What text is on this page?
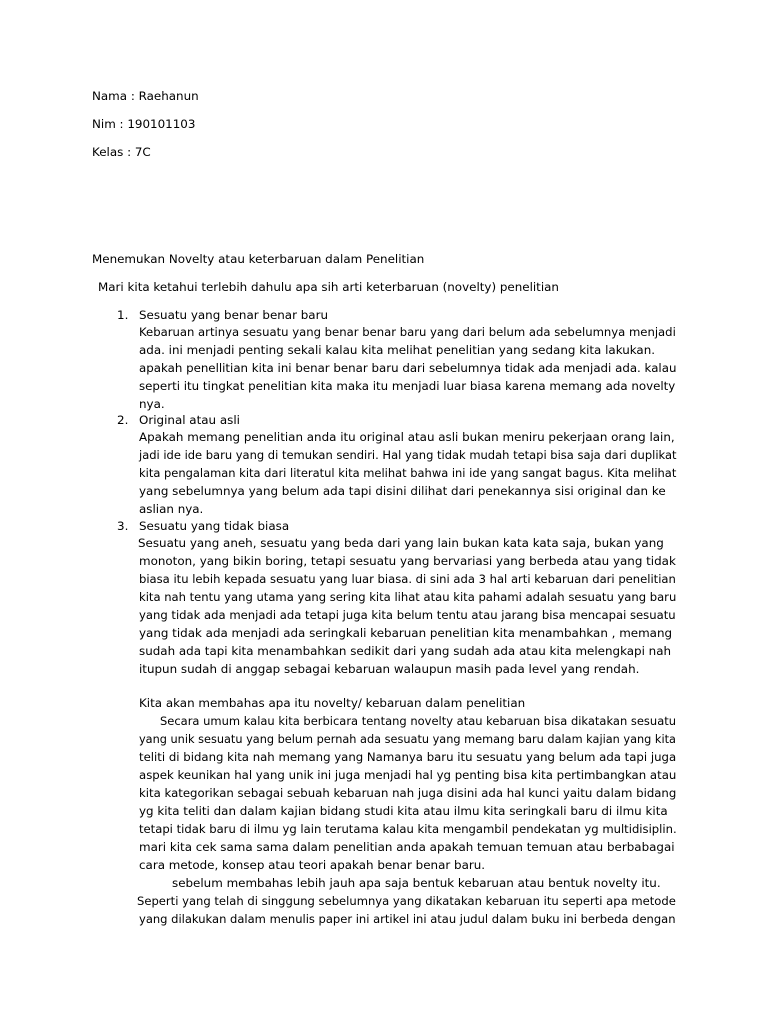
Nama : Raehanun
Nim : 190101103
Kelas : 7C
Menemukan Novelty atau keterbaruan dalam Penelitian
Mari kita ketahui terlebih dahulu apa sih arti keterbaruan (novelty) penelitian
1. Sesuatu yang benar benar baru
Kebaruan artinya sesuatu yang benar benar baru yang dari belum ada sebelumnya menjadi
ada. ini menjadi penting sekali kalau kita melihat penelitian yang sedang kita lakukan.
apakah penellitian kita ini benar benar baru dari sebelumnya tidak ada menjadi ada. kalau
seperti itu tingkat penelitian kita maka itu menjadi luar biasa karena memang ada novelty
nya.
2. Original atau asli
Apakah memang penelitian anda itu original atau asli bukan meniru pekerjaan orang lain,
jadi ide ide baru yang di temukan sendiri. Hal yang tidak mudah tetapi bisa saja dari duplikat
kita pengalaman kita dari literatul kita melihat bahwa ini ide yang sangat bagus. Kita melihat
yang sebelumnya yang belum ada tapi disini dilihat dari penekannya sisi original dan ke
aslian nya.
3. Sesuatu yang tidak biasa
Sesuatu yang aneh, sesuatu yang beda dari yang lain bukan kata kata saja, bukan yang
monoton, yang bikin boring, tetapi sesuatu yang bervariasi yang berbeda atau yang tidak
biasa itu lebih kepada sesuatu yang luar biasa. di sini ada 3 hal arti kebaruan dari penelitian
kita nah tentu yang utama yang sering kita lihat atau kita pahami adalah sesuatu yang baru
yang tidak ada menjadi ada tetapi juga kita belum tentu atau jarang bisa mencapai sesuatu
yang tidak ada menjadi ada seringkali kebaruan penelitian kita menambahkan , memang
sudah ada tapi kita menambahkan sedikit dari yang sudah ada atau kita melengkapi nah
itupun sudah di anggap sebagai kebaruan walaupun masih pada level yang rendah.
Kita akan membahas apa itu novelty/ kebaruan dalam penelitian
Secara umum kalau kita berbicara tentang novelty atau kebaruan bisa dikatakan sesuatu
yang unik sesuatu yang belum pernah ada sesuatu yang memang baru dalam kajian yang kita
teliti di bidang kita nah memang yang Namanya baru itu sesuatu yang belum ada tapi juga
aspek keunikan hal yang unik ini juga menjadi hal yg penting bisa kita pertimbangkan atau
kita kategorikan sebagai sebuah kebaruan nah juga disini ada hal kunci yaitu dalam bidang
yg kita teliti dan dalam kajian bidang studi kita atau ilmu kita seringkali baru di ilmu kita
tetapi tidak baru di ilmu yg lain terutama kalau kita mengambil pendekatan yg multidisiplin.
mari kita cek sama sama dalam penelitian anda apakah temuan temuan atau berbabagai
cara metode, konsep atau teori apakah benar benar baru.
sebelum membahas lebih jauh apa saja bentuk kebaruan atau bentuk novelty itu.
Seperti yang telah di singgung sebelumnya yang dikatakan kebaruan itu seperti apa metode
yang dilakukan dalam menulis paper ini artikel ini atau judul dalam buku ini berbeda dengan
